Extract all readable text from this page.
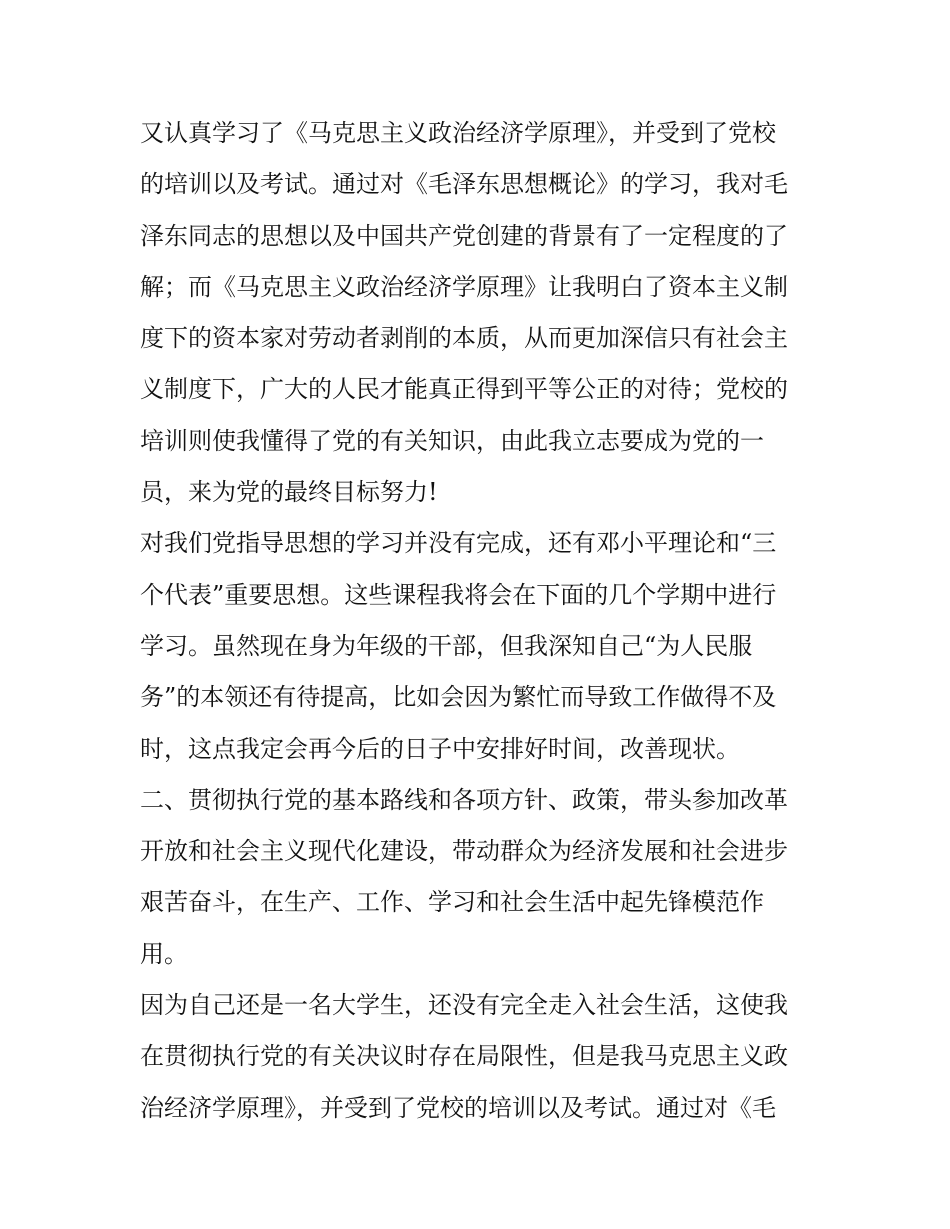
又认真学习了《马克思主义政治经济学原理》，并受到了党校
的培训以及考试。通过对《毛泽东思想概论》的学习，我对毛
泽东同志的思想以及中国共产党创建的背景有了一定程度的了
解；而《马克思主义政治经济学原理》让我明白了资本主义制
度下的资本家对劳动者剥削的本质，从而更加深信只有社会主
义制度下，广大的人民才能真正得到平等公正的对待；党校的
培训则使我懂得了党的有关知识，由此我立志要成为党的一
员，来为党的最终目标努力!
对我们党指导思想的学习并没有完成，还有邓小平理论和“三
个代表”重要思想。这些课程我将会在下面的几个学期中进行
学习。虽然现在身为年级的干部，但我深知自己“为人民服
务”的本领还有待提高，比如会因为繁忙而导致工作做得不及
时，这点我定会再今后的日子中安排好时间，改善现状。
二、贯彻执行党的基本路线和各项方针、政策，带头参加改革
开放和社会主义现代化建设，带动群众为经济发展和社会进步
艰苦奋斗，在生产、工作、学习和社会生活中起先锋模范作
用。
因为自己还是一名大学生，还没有完全走入社会生活，这使我
在贯彻执行党的有关决议时存在局限性，但是我马克思主义政
治经济学原理》，并受到了党校的培训以及考试。通过对《毛
